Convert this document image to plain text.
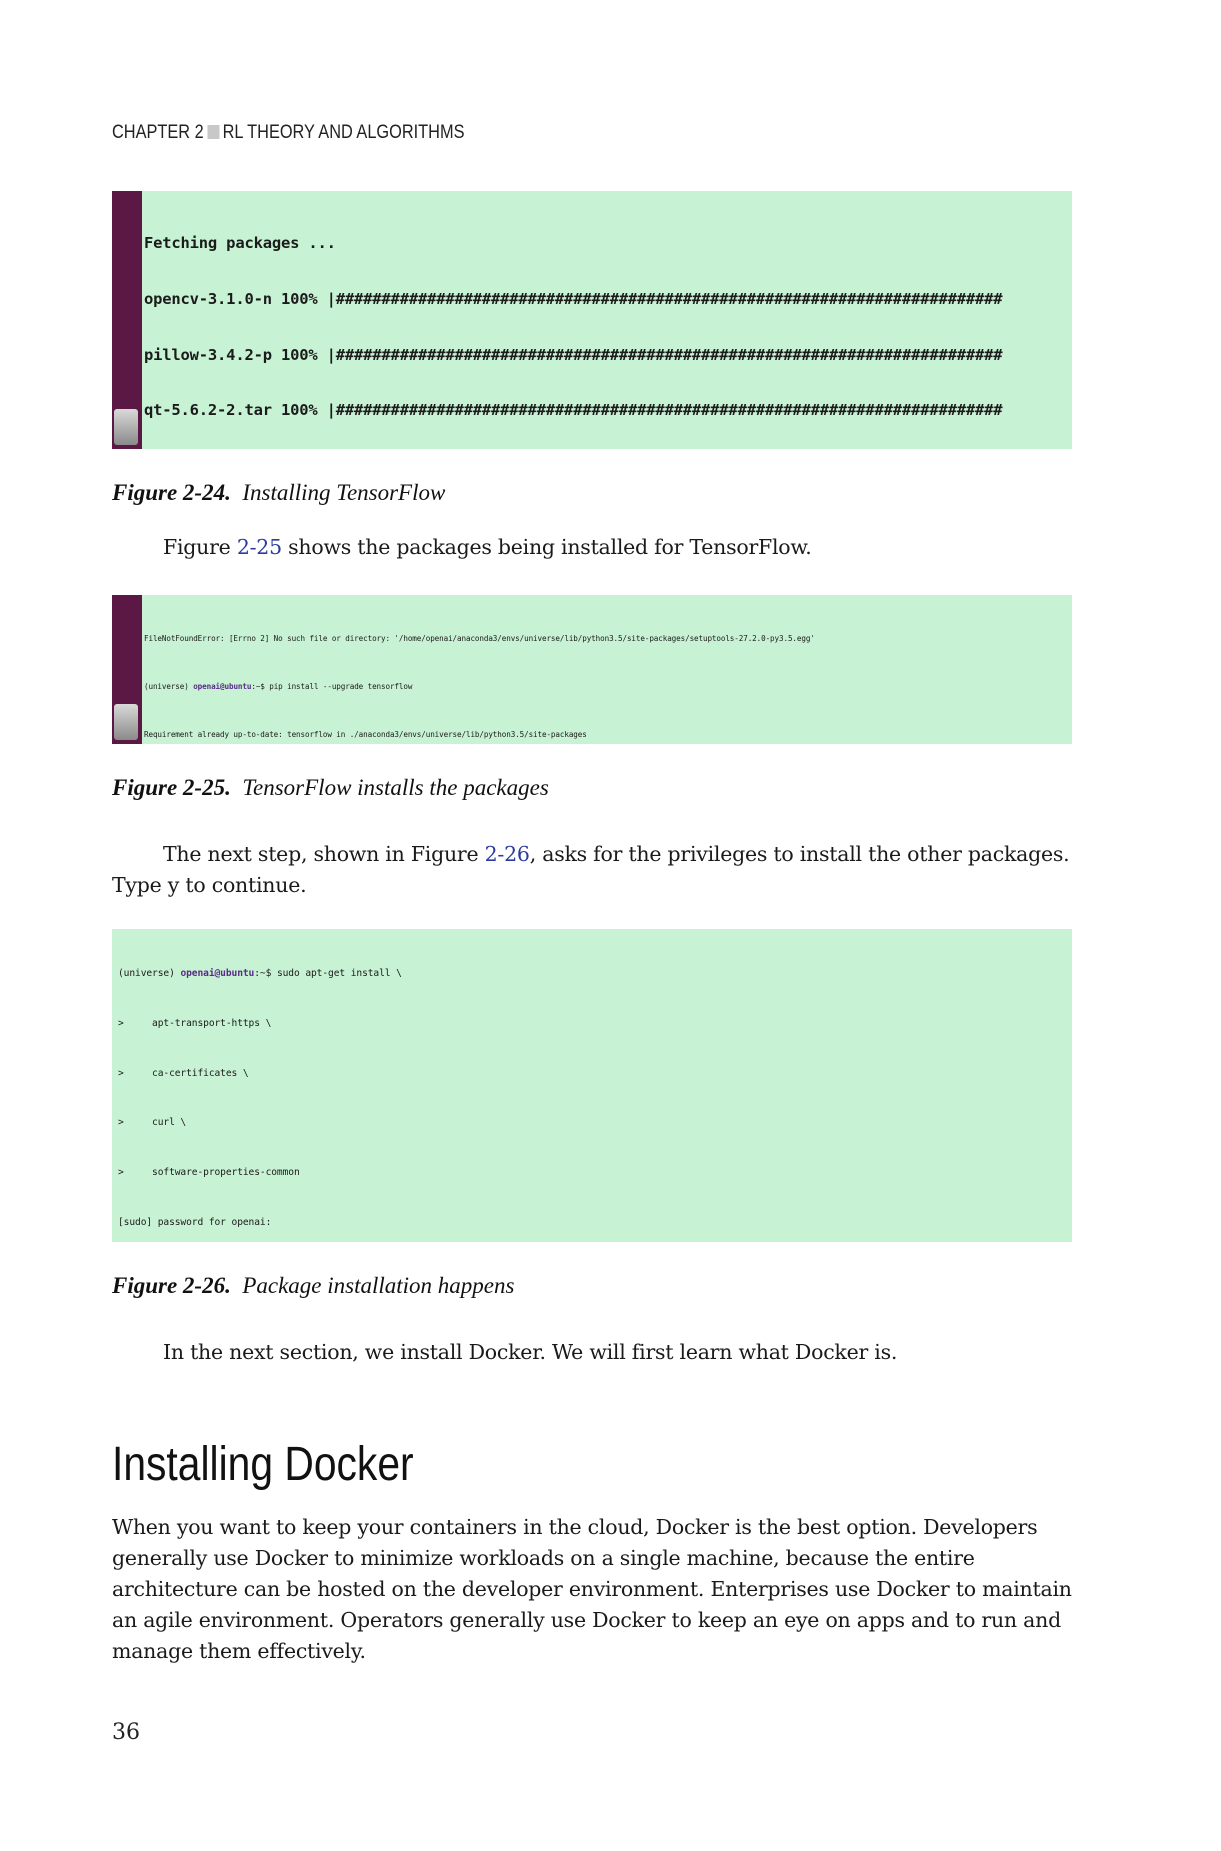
CHAPTER 2 RL THEORY AND ALGORITHMS

Fetching packages ...

opencv-3.1.0-n 100% |#########################################################################

pillow-3.4.2-p 100% |#########################################################################

qt-5.6.2-2.tar 100% |#########################################################################

Figure 2-24. Installing TensorFlow
Figure 2-25 shows the packages being installed for TensorFlow.

FileNotFoundError: [Errno 2] No such file or directory: '/home/openai/anaconda3/envs/universe/lib/python3.5/site-packages/setuptools-27.2.0-py3.5.egg'

(universe) openai@ubuntu:~$ pip install --upgrade tensorflow

Requirement already up-to-date: tensorflow in ./anaconda3/envs/universe/lib/python3.5/site-packages

Figure 2-25. TensorFlow installs the packages
The next step, shown in Figure 2-26, asks for the privileges to install the other packages. Type y to continue.

(universe) openai@ubuntu:~$ sudo apt-get install \

>     apt-transport-https \

>     ca-certificates \

>     curl \

>     software-properties-common

[sudo] password for openai:

Figure 2-26. Package installation happens
In the next section, we install Docker. We will first learn what Docker is.
Installing Docker
When you want to keep your containers in the cloud, Docker is the best option. Developers generally use Docker to minimize workloads on a single machine, because the entire architecture can be hosted on the developer environment. Enterprises use Docker to maintain an agile environment. Operators generally use Docker to keep an eye on apps and to run and manage them effectively.
36
